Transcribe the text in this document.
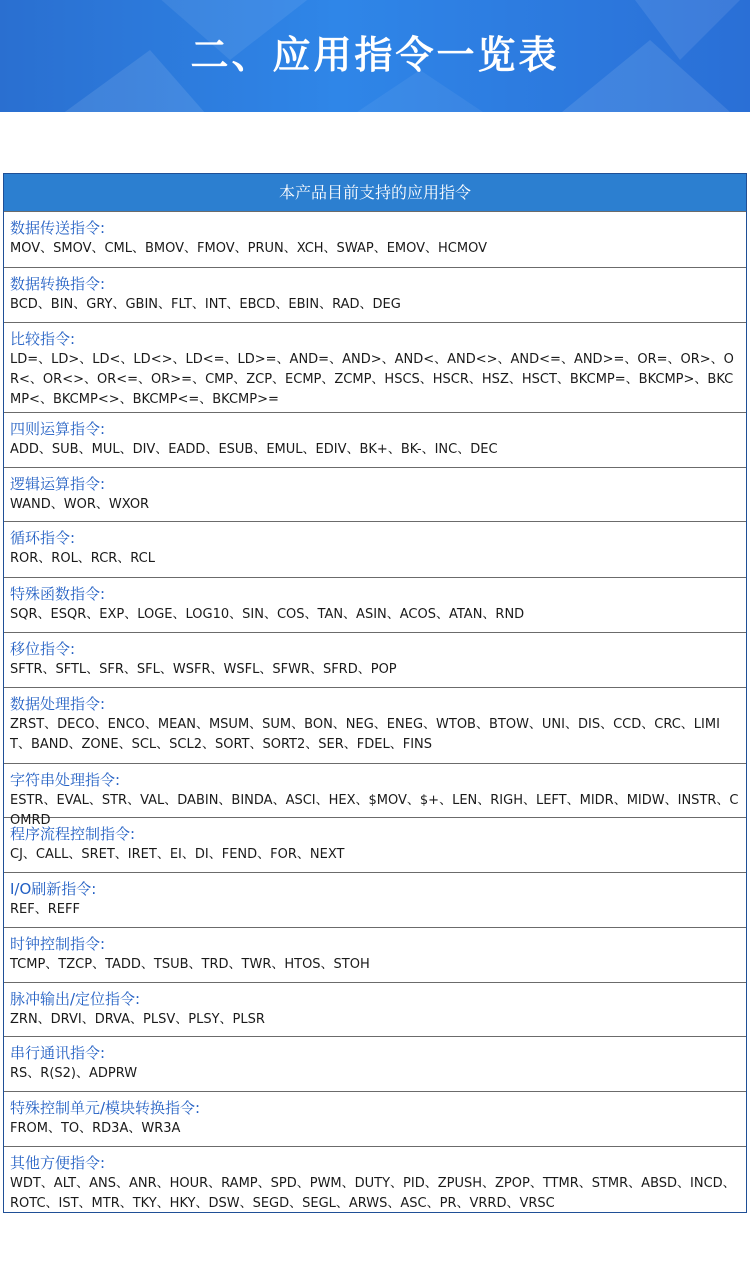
二、应用指令一览表
本产品目前支持的应用指令
数据传送指令:
MOV、SMOV、CML、BMOV、FMOV、PRUN、XCH、SWAP、EMOV、HCMOV
数据转换指令:
BCD、BIN、GRY、GBIN、FLT、INT、EBCD、EBIN、RAD、DEG
比较指令:
LD=、LD>、LD<、LD<>、LD<=、LD>=、AND=、AND>、AND<、AND<>、AND<=、AND>=、OR=、OR>、OR<、OR<>、OR<=、OR>=、CMP、ZCP、ECMP、ZCMP、HSCS、HSCR、HSZ、HSCT、BKCMP=、BKCMP>、BKCMP<、BKCMP<>、BKCMP<=、BKCMP>=
四则运算指令:
ADD、SUB、MUL、DIV、EADD、ESUB、EMUL、EDIV、BK+、BK-、INC、DEC
逻辑运算指令:
WAND、WOR、WXOR
循环指令:
ROR、ROL、RCR、RCL
特殊函数指令:
SQR、ESQR、EXP、LOGE、LOG10、SIN、COS、TAN、ASIN、ACOS、ATAN、RND
移位指令:
SFTR、SFTL、SFR、SFL、WSFR、WSFL、SFWR、SFRD、POP
数据处理指令:
ZRST、DECO、ENCO、MEAN、MSUM、SUM、BON、NEG、ENEG、WTOB、BTOW、UNI、DIS、CCD、CRC、LIMIT、BAND、ZONE、SCL、SCL2、SORT、SORT2、SER、FDEL、FINS
字符串处理指令:
ESTR、EVAL、STR、VAL、DABIN、BINDA、ASCI、HEX、$MOV、$+、LEN、RIGH、LEFT、MIDR、MIDW、INSTR、COMRD
程序流程控制指令:
CJ、CALL、SRET、IRET、EI、DI、FEND、FOR、NEXT
I/O刷新指令:
REF、REFF
时钟控制指令:
TCMP、TZCP、TADD、TSUB、TRD、TWR、HTOS、STOH
脉冲输出/定位指令:
ZRN、DRVI、DRVA、PLSV、PLSY、PLSR
串行通讯指令:
RS、R(S2)、ADPRW
特殊控制单元/模块转换指令:
FROM、TO、RD3A、WR3A
其他方便指令:
WDT、ALT、ANS、ANR、HOUR、RAMP、SPD、PWM、DUTY、PID、ZPUSH、ZPOP、TTMR、STMR、ABSD、INCD、ROTC、IST、MTR、TKY、HKY、DSW、SEGD、SEGL、ARWS、ASC、PR、VRRD、VRSC
